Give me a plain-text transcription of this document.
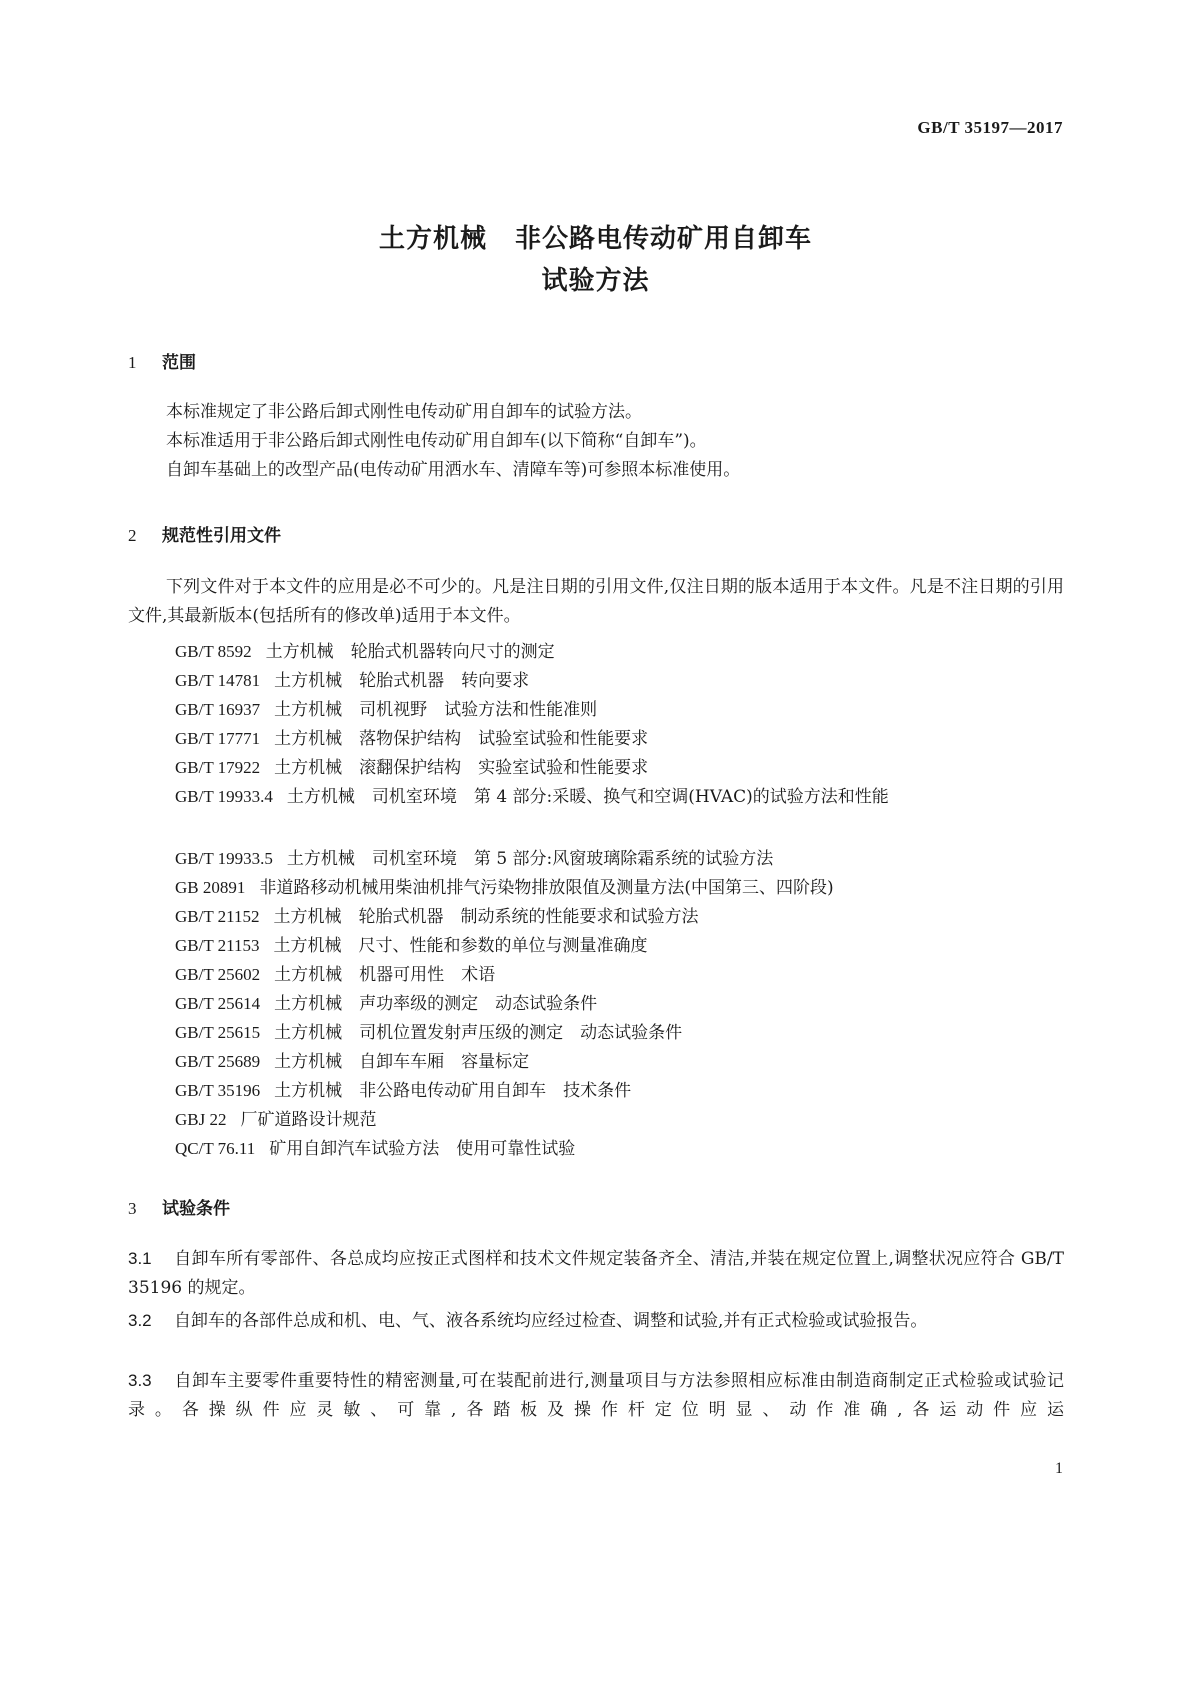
GB/T 35197—2017
土方机械 非公路电传动矿用自卸车
试验方法
1 范围
本标准规定了非公路后卸式刚性电传动矿用自卸车的试验方法。
本标准适用于非公路后卸式刚性电传动矿用自卸车(以下简称“自卸车”)。
自卸车基础上的改型产品(电传动矿用洒水车、清障车等)可参照本标准使用。
2 规范性引用文件
下列文件对于本文件的应用是必不可少的。凡是注日期的引用文件,仅注日期的版本适用于本文件。凡是不注日期的引用文件,其最新版本(包括所有的修改单)适用于本文件。
GB/T 8592 土方机械　轮胎式机器转向尺寸的测定
GB/T 14781 土方机械　轮胎式机器　转向要求
GB/T 16937 土方机械　司机视野　试验方法和性能准则
GB/T 17771 土方机械　落物保护结构　试验室试验和性能要求
GB/T 17922 土方机械　滚翻保护结构　实验室试验和性能要求
GB/T 19933.4 土方机械　司机室环境　第 4 部分:采暖、换气和空调(HVAC)的试验方法和性能
GB/T 19933.5 土方机械　司机室环境　第 5 部分:风窗玻璃除霜系统的试验方法
GB 20891 非道路移动机械用柴油机排气污染物排放限值及测量方法(中国第三、四阶段)
GB/T 21152 土方机械　轮胎式机器　制动系统的性能要求和试验方法
GB/T 21153 土方机械　尺寸、性能和参数的单位与测量准确度
GB/T 25602 土方机械　机器可用性　术语
GB/T 25614 土方机械　声功率级的测定　动态试验条件
GB/T 25615 土方机械　司机位置发射声压级的测定　动态试验条件
GB/T 25689 土方机械　自卸车车厢　容量标定
GB/T 35196 土方机械　非公路电传动矿用自卸车　技术条件
GBJ 22 厂矿道路设计规范
QC/T 76.11 矿用自卸汽车试验方法　使用可靠性试验
3 试验条件
3.1 自卸车所有零部件、各总成均应按正式图样和技术文件规定装备齐全、清洁,并装在规定位置上,调整状况应符合 GB/T 35196 的规定。
3.2 自卸车的各部件总成和机、电、气、液各系统均应经过检查、调整和试验,并有正式检验或试验报告。
3.3 自卸车主要零件重要特性的精密测量,可在装配前进行,测量项目与方法参照相应标准由制造商制定正式检验或试验记录。各操纵件应灵敏、可靠,各踏板及操作杆定位明显、动作准确,各运动件应运
1
